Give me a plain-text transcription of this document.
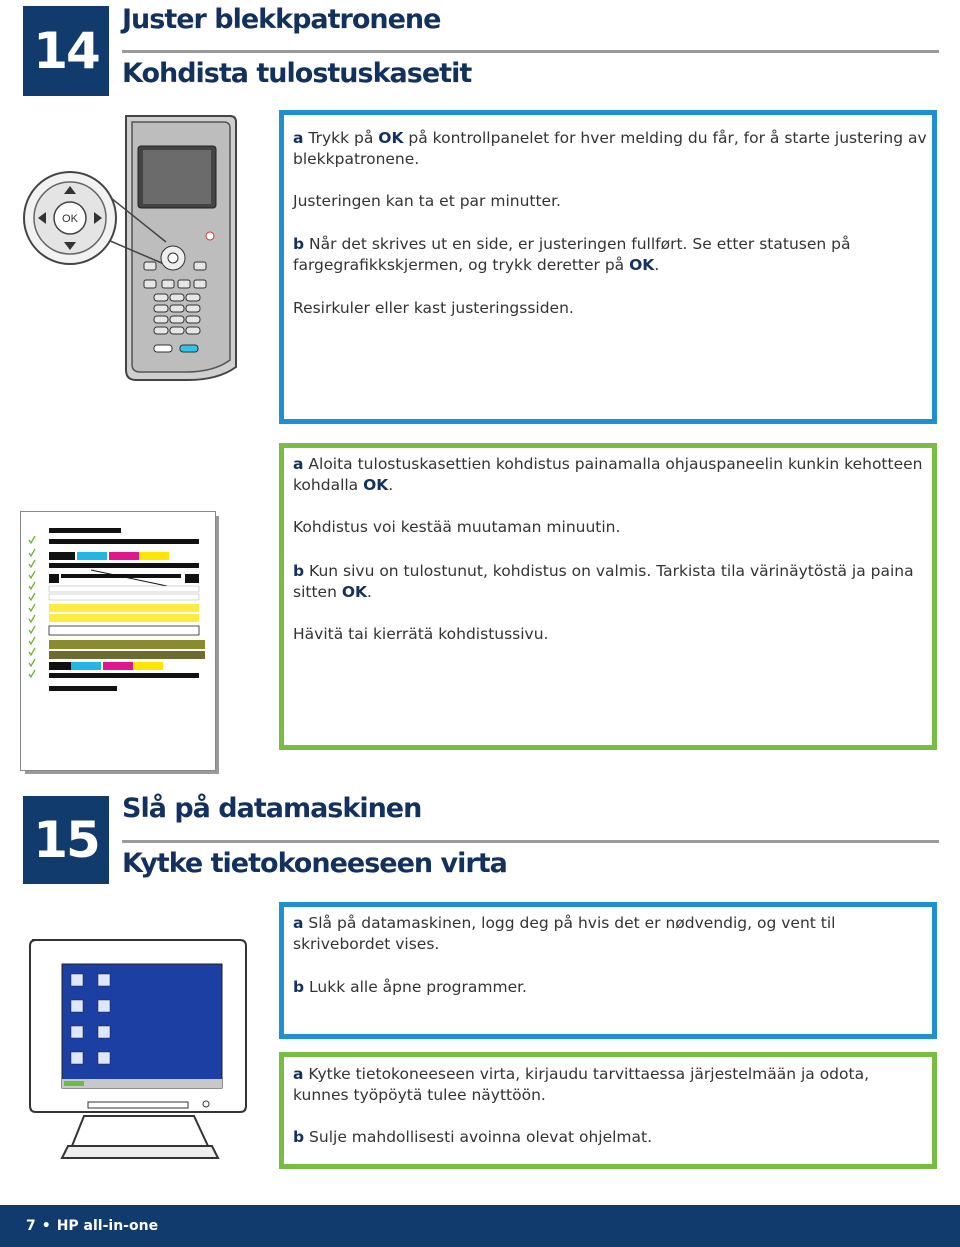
14
Juster blekkpatronene
Kohdista tulostuskasetit
OK
a Trykk på OK på kontrollpanelet for hver melding du får, for å starte justering av blekkpatronene.
Justeringen kan ta et par minutter.
b Når det skrives ut en side, er justeringen fullført. Se etter statusen på fargegrafikkskjermen, og trykk deretter på OK.
Resirkuler eller kast justeringssiden.
a Aloita tulostuskasettien kohdistus painamalla ohjauspaneelin kunkin kehotteen kohdalla OK.
Kohdistus voi kestää muutaman minuutin.
b Kun sivu on tulostunut, kohdistus on valmis. Tarkista tila värinäytöstä ja paina sitten OK.
Hävitä tai kierrätä kohdistussivu.
15
Slå på datamaskinen
Kytke tietokoneeseen virta
a Slå på datamaskinen, logg deg på hvis det er nødvendig, og vent til skrivebordet vises.
b Lukk alle åpne programmer.
a Kytke tietokoneeseen virta, kirjaudu tarvittaessa järjestelmään ja odota, kunnes työpöytä tulee näyttöön.
b Sulje mahdollisesti avoinna olevat ohjelmat.
7 • HP all-in-one
